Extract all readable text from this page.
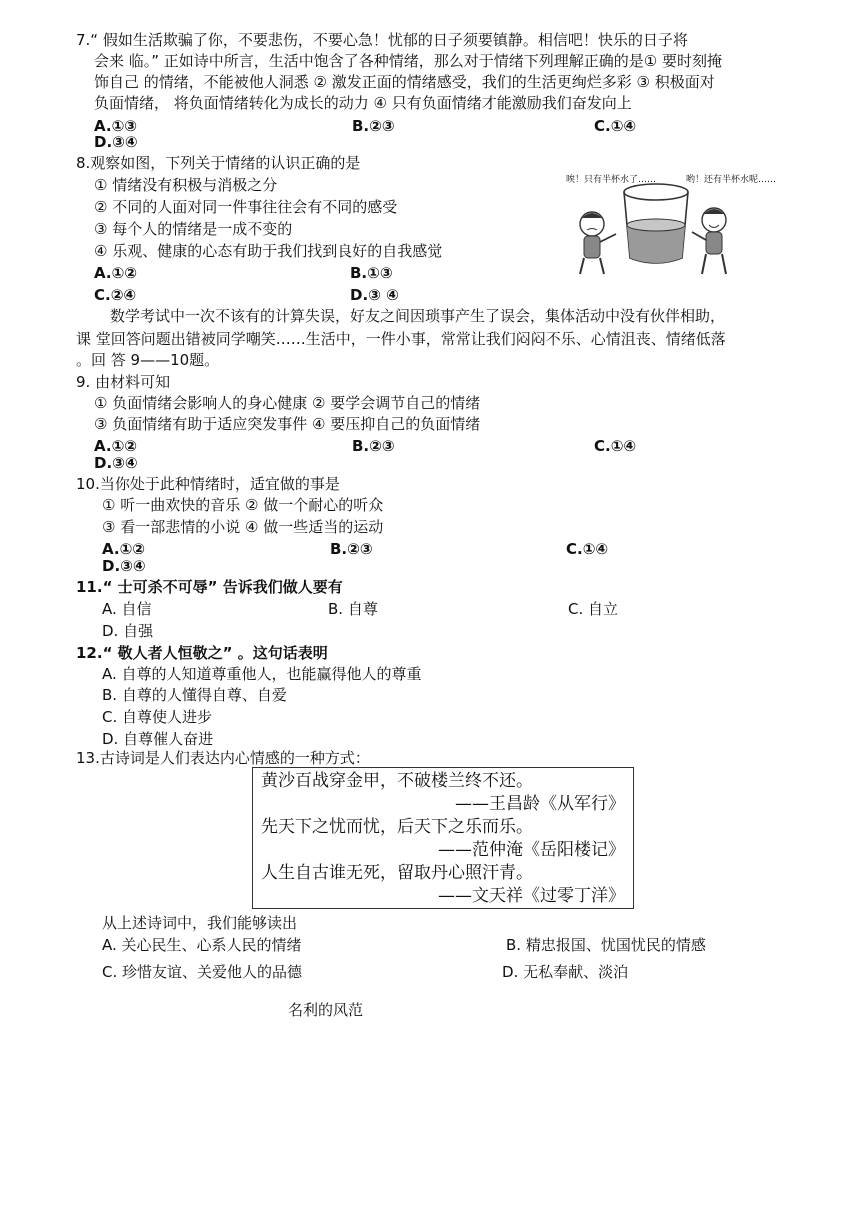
7.“ 假如生活欺骗了你，不要悲伤，不要心急！忧郁的日子须要镇静。相信吧！快乐的日子将
会来 临。” 正如诗中所言，生活中饱含了各种情绪，那么对于情绪下列理解正确的是① 要时刻掩
饰自己 的情绪，不能被他人洞悉 ② 激发正面的情绪感受，我们的生活更绚烂多彩 ③ 积极面对
负面情绪， 将负面情绪转化为成长的动力 ④ 只有负面情绪才能激励我们奋发向上
A.①③	B.②③	C.①④
D.③④
8.观察如图，下列关于情绪的认识正确的是
① 情绪没有积极与消极之分
② 不同的人面对同一件事往往会有不同的感受
③ 每个人的情绪是一成不变的
④ 乐观、健康的心态有助于我们找到良好的自我感觉
A.①②	B.①③
C.②④	D.③ ④
唉！只有半杯水了……	哟！还有半杯水呢……
数学考试中一次不该有的计算失误，好友之间因琐事产生了误会，集体活动中没有伙伴相助，
课 堂回答问题出错被同学嘲笑……生活中，一件小事，常常让我们闷闷不乐、心情沮丧、情绪低落
。回 答 9——10题。
9. 由材料可知
① 负面情绪会影响人的身心健康 ② 要学会调节自己的情绪
③ 负面情绪有助于适应突发事件 ④ 要压抑自己的负面情绪
A.①②	B.②③	C.①④
D.③④
10.当你处于此种情绪时，适宜做的事是
① 听一曲欢快的音乐 ② 做一个耐心的听众
③ 看一部悲情的小说 ④ 做一些适当的运动
A.①②	B.②③	C.①④
D.③④
11.“ 士可杀不可辱” 告诉我们做人要有
A. 自信	B. 自尊	C. 自立
D. 自强
12.“ 敬人者人恒敬之” 。这句话表明
A. 自尊的人知道尊重他人，也能赢得他人的尊重
B. 自尊的人懂得自尊、自爱
C. 自尊使人进步
D. 自尊催人奋进
13.古诗词是人们表达内心情感的一种方式：
黄沙百战穿金甲，不破楼兰终不还。
——王昌龄《从军行》
先天下之忧而忧，后天下之乐而乐。
——范仲淹《岳阳楼记》
人生自古谁无死，留取丹心照汗青。
——文天祥《过零丁洋》
从上述诗词中，我们能够读出
A. 关心民生、心系人民的情绪	B. 精忠报国、忧国忧民的情感
C. 珍惜友谊、关爱他人的品德	D. 无私奉献、淡泊
名利的风范
